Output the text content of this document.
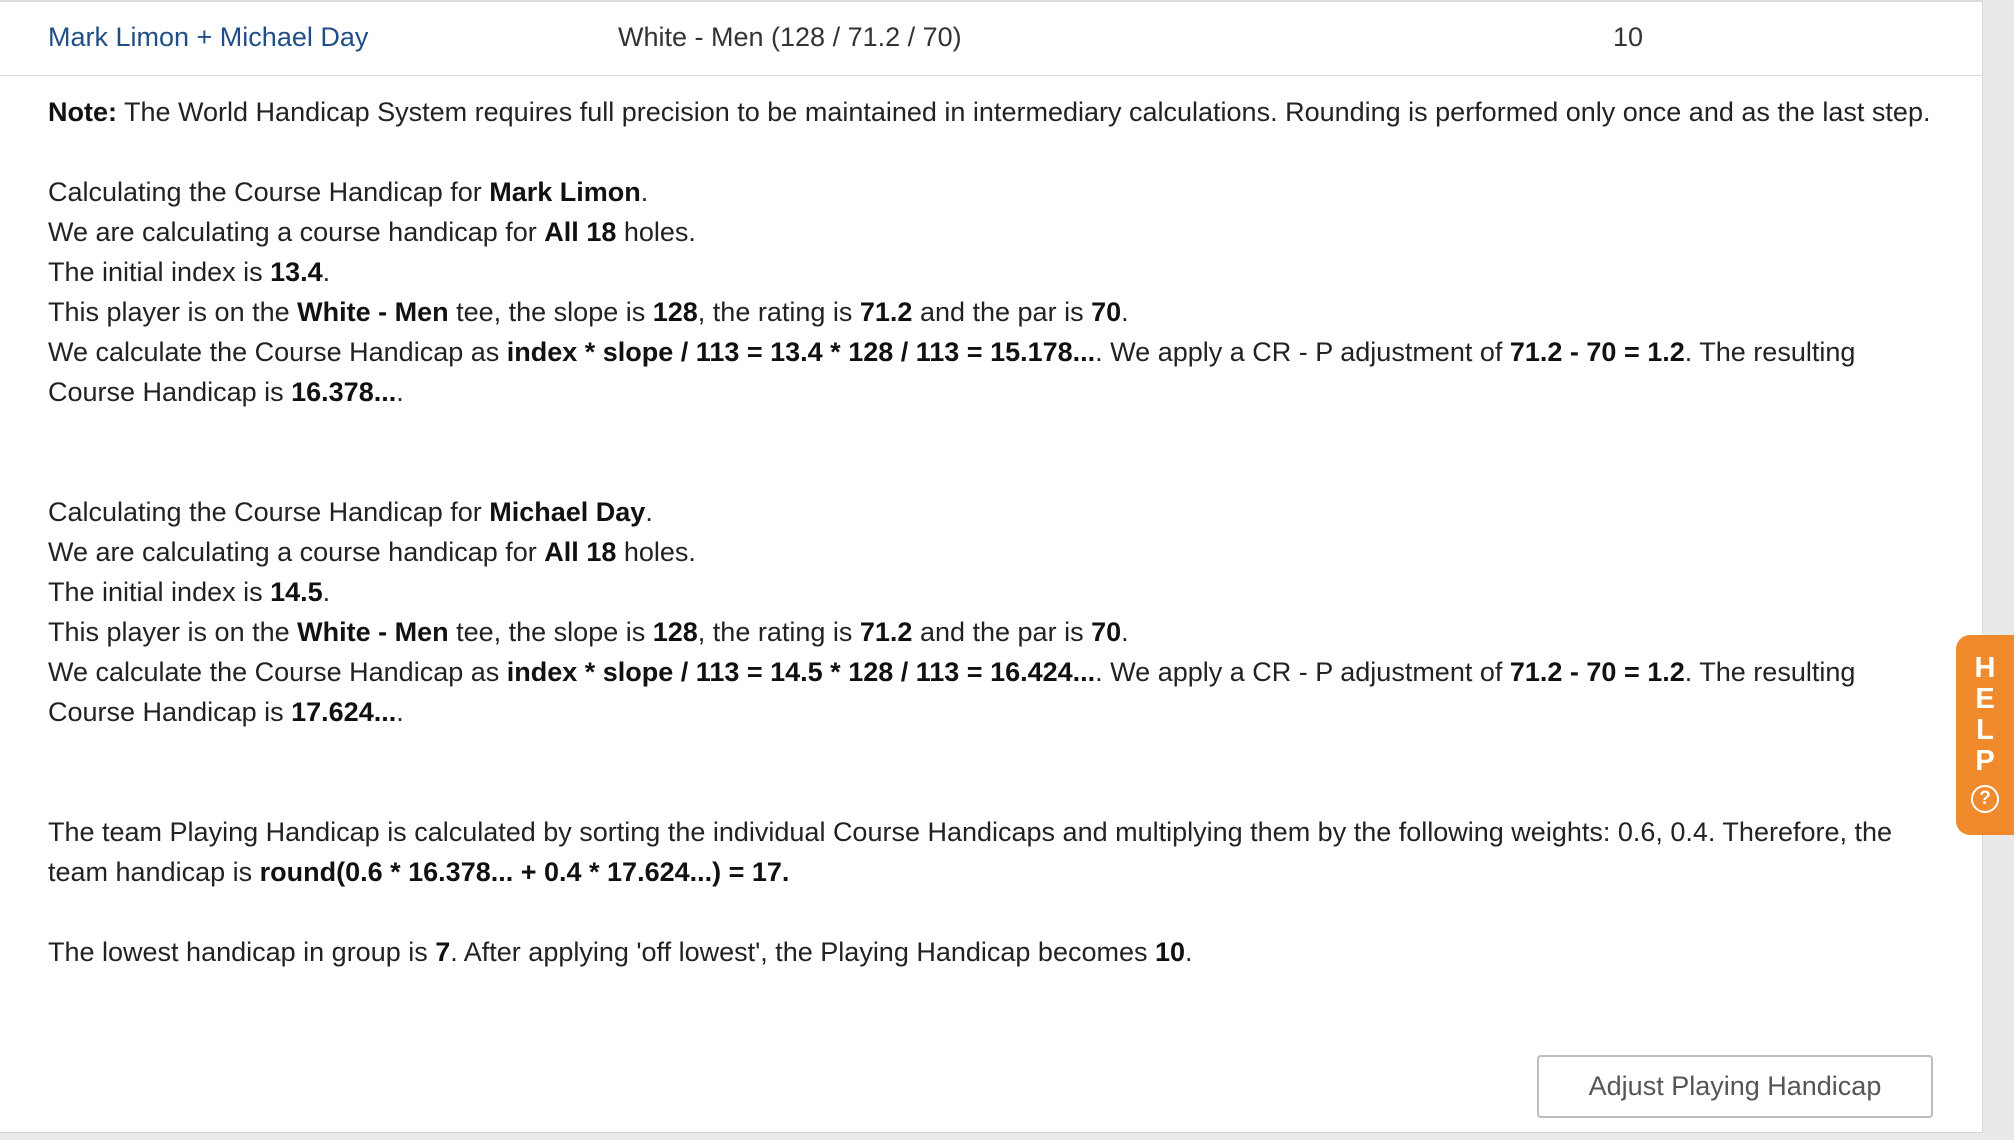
Mark Limon + Michael Day	White - Men (128 / 71.2 / 70)	10

Note: The World Handicap System requires full precision to be maintained in intermediary calculations. Rounding is performed only once and as the last step.

Calculating the Course Handicap for Mark Limon.

We are calculating a course handicap for All 18 holes.

The initial index is 13.4.

This player is on the White - Men tee, the slope is 128, the rating is 71.2 and the par is 70.

We calculate the Course Handicap as index * slope / 113 = 13.4 * 128 / 113 = 15.178.... We apply a CR - P adjustment of 71.2 - 70 = 1.2. The resulting Course Handicap is 16.378....

Calculating the Course Handicap for Michael Day.

We are calculating a course handicap for All 18 holes.

The initial index is 14.5.

This player is on the White - Men tee, the slope is 128, the rating is 71.2 and the par is 70.

We calculate the Course Handicap as index * slope / 113 = 14.5 * 128 / 113 = 16.424.... We apply a CR - P adjustment of 71.2 - 70 = 1.2. The resulting Course Handicap is 17.624....

The team Playing Handicap is calculated by sorting the individual Course Handicaps and multiplying them by the following weights: 0.6, 0.4. Therefore, the team handicap is round(0.6 * 16.378... + 0.4 * 17.624...) = 17.

The lowest handicap in group is 7. After applying 'off lowest', the Playing Handicap becomes 10.

Adjust Playing Handicap
H
E
L
P
?
